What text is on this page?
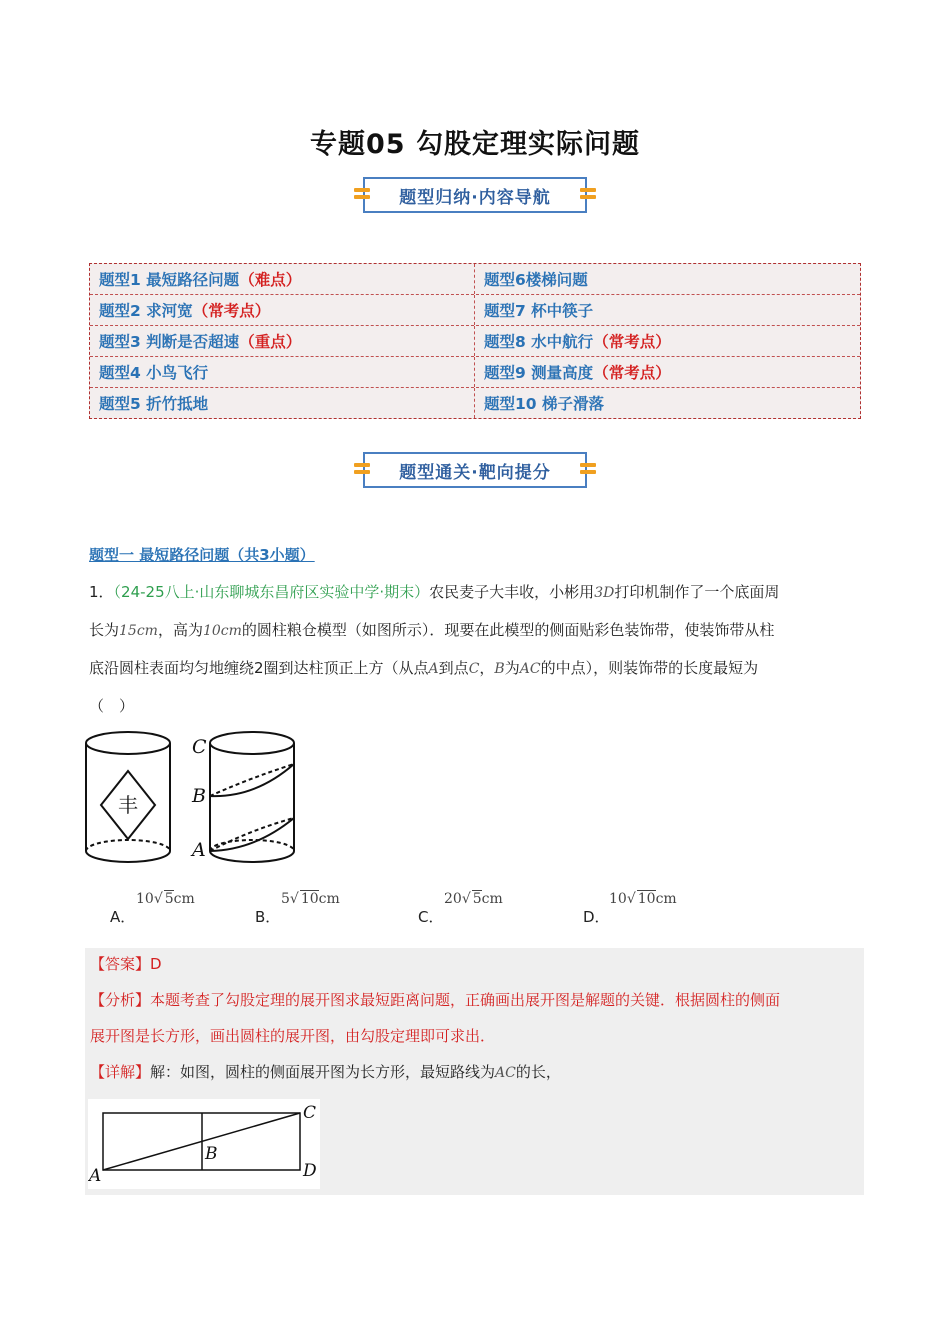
专题05 勾股定理实际问题
题型归纳·内容导航
题型1 最短路径问题 （难点）	题型6楼梯问题
题型2 求河宽 （常考点）	题型7 杯中筷子
题型3 判断是否超速 （重点）	题型8 水中航行 （常考点）
题型4 小鸟飞行	题型9 测量高度 （常考点）
题型5 折竹抵地	题型10 梯子滑落
题型通关·靶向提分
题型一 最短路径问题（共3小题）
1．（24-25八上·山东聊城东昌府区实验中学·期末）农民麦子大丰收，小彬用3D打印机制作了一个底面周
长为15cm，高为10cm的圆柱粮仓模型（如图所示）．现要在此模型的侧面贴彩色装饰带，使装饰带从柱
底沿圆柱表面均匀地缠绕2圈到达柱顶正上方（从点A到点C，B为AC的中点），则装饰带的长度最短为
（　）
丰
C
B
A
A．
10√ 5cm
B．
5√ 10cm
C．
20√ 5cm
D．
10√ 10cm
【答案】D
【分析】本题考查了勾股定理的展开图求最短距离问题，正确画出展开图是解题的关键．根据圆柱的侧面
展开图是长方形，画出圆柱的展开图，由勾股定理即可求出．
【详解】解：如图，圆柱的侧面展开图为长方形，最短路线为AC的长，
A
B
C
D
